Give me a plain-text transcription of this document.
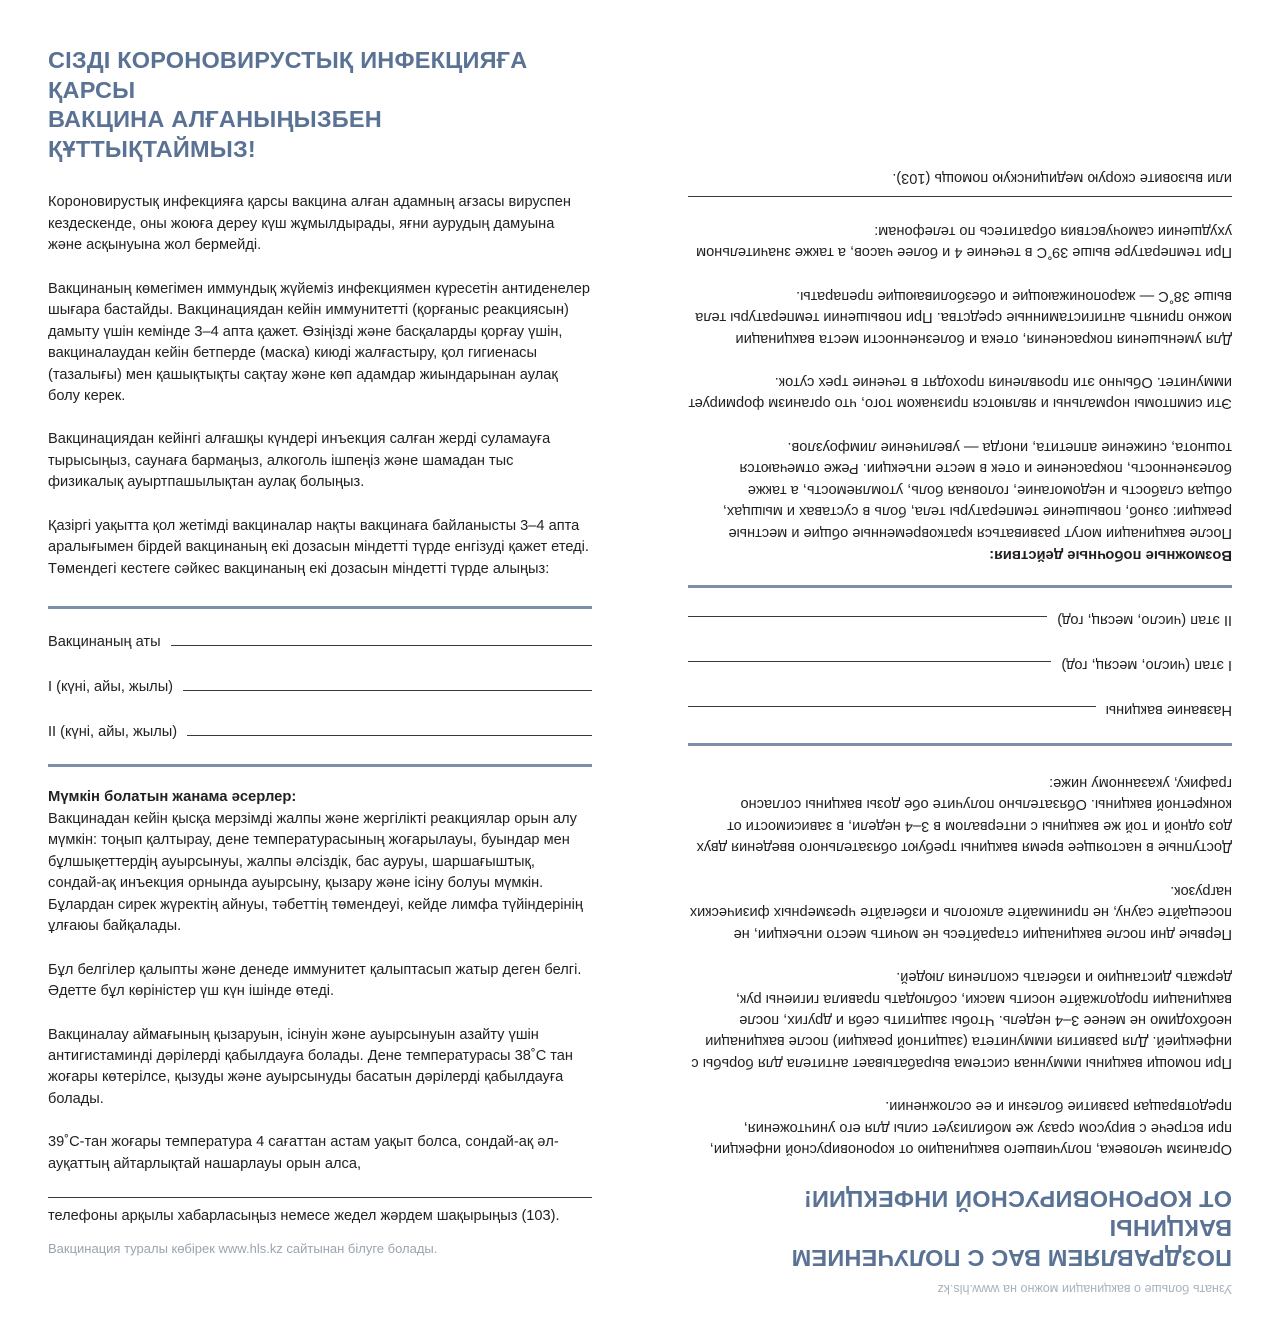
СІЗДІ КОРОНОВИРУСТЫҚ ИНФЕКЦИЯҒА ҚАРСЫ
ВАКЦИНА АЛҒАНЫҢЫЗБЕН ҚҰТТЫҚТАЙМЫЗ!

Короновирустық инфекцияға қарсы вакцина алған адамның ағзасы вируспен кездескенде, оны жоюға дереу күш жұмылдырады, яғни аурудың дамуына және асқынуына жол бермейді.

Вакцинаның көмегімен иммундық жүйеміз инфекциямен күресетін антиденелер шығара бастайды. Вакцинациядан кейін иммунитетті (қорғаныс реакциясын) дамыту үшін кемінде 3–4 апта қажет. Өзіңізді және басқаларды қорғау үшін, вакциналаудан кейін бетперде (маска) киюді жалғастыру, қол гигиенасы (тазалығы) мен қашықтықты сақтау және көп адамдар жиындарынан аулақ болу керек.

Вакцинациядан кейінгі алғашқы күндері инъекция салған жерді суламауға тырысыңыз, саунаға бармаңыз, алкоголь ішпеңіз және шамадан тыс физикалық ауыртпашылықтан аулақ болыңыз.

Қазіргі уақытта қол жетімді вакциналар нақты вакцинаға байланысты 3–4 апта аралығымен бірдей вакцинаның екі дозасын міндетті түрде енгізуді қажет етеді. Төмендегі кестеге сәйкес вакцинаның екі дозасын міндетті түрде алыңыз:

Вакцинаның аты
I (күні, айы, жылы)
II (күні, айы, жылы)
Мүмкін болатын жанама әсерлер:

Вакцинадан кейін қысқа мерзімді жалпы және жергілікті реакциялар орын алу мүмкін: тоңып қалтырау, дене температурасының жоғарылауы, буындар мен бұлшықеттердің ауырсынуы, жалпы әлсіздік, бас ауруы, шаршағыштық, сондай-ақ инъекция орнында ауырсыну, қызару және ісіну болуы мүмкін. Бұлардан сирек жүректің айнуы, тәбеттің төмендеуі, кейде лимфа түйіндерінің ұлғаюы байқалады.

Бұл белгілер қалыпты және денеде иммунитет қалыптасып жатыр деген белгі. Әдетте бұл көріністер үш күн ішінде өтеді.

Вакциналау аймағының қызаруын, ісінуін және ауырсынуын азайту үшін антигистаминді дәрілерді қабылдауға болады. Дене температурасы 38˚С тан жоғары көтерілсе, қызуды және ауырсынуды басатын дәрілерді қабылдауға болады.

39˚С-тан жоғары температура 4 сағаттан астам уақыт болса, сондай-ақ әл-ауқаттың айтарлықтай нашарлауы орын алса,

телефоны арқылы хабарласыңыз немесе жедел жәрдем шақырыңыз (103).

Вакцинация туралы көбірек www.hls.kz сайтынан білуге болады.

Узнать больше о вакцинации можно на www.hls.kz

ПОЗДРАВЛЯЕМ ВАС С ПОЛУЧЕНИЕМ ВАКЦИНЫ
ОТ КОРОНОВИРУСНОЙ ИНФЕКЦИИ!

Организм человека, получившего вакцинацию от короновирусной инфекции, при встрече с вирусом сразу же мобилизует силы для его уничтожения, предотвращая развитие болезни и ее осложнении.

При помощи вакцины иммунная система вырабатывает антитела для борьбы с инфекцией. Для развития иммунитета (защитной реакции) после вакцинации необходимо не менее 3–4 недель. Чтобы защитить себя и других, после вакцинации продолжайте носить маски, соблюдать правила гигиены рук, держать дистанцию и избегать скопления людей.

Первые дни после вакцинации старайтесь не мочить место инъекции, не посещайте сауну, не принимайте алкоголь и избегайте чрезмерных физических нагрузок.

Доступные в настоящее время вакцины требуют обязательного введения двух доз одной и той же вакцины с интервалом в 3–4 недели, в зависимости от конкретной вакцины. Обязательно получите обе дозы вакцины согласно графику, указанному ниже:

Название вакцины
I этап (число, месяц, год)
II этап (число, месяц, год)
Возможные побочные действия:

После вакцинации могут развиваться кратковременные общие и местные реакции: озноб, повышение температуры тела, боль в суставах и мышцах, общая слабость и недомогание, головная боль, утомляемость, а также болезненность, покраснение и отек в месте инъекции. Реже отмечаются тошнота, снижение аппетита, иногда — увеличение лимфоузлов.

Эти симптомы нормальны и являются признаком того, что организм формирует иммунитет. Обычно эти проявления проходят в течение трех суток.

Для уменьшения покраснения, отека и болезненности места вакцинации можно принять антигистаминные средства. При повышении температуры тела выше 38˚С — жаропонижающие и обезболивающие препараты.

При температуре выше 39˚С в течение 4 и более часов, а также значительном ухудшении самочувствия обратитесь по телефонам:

или вызовите скорую медицинскую помощь (103).
